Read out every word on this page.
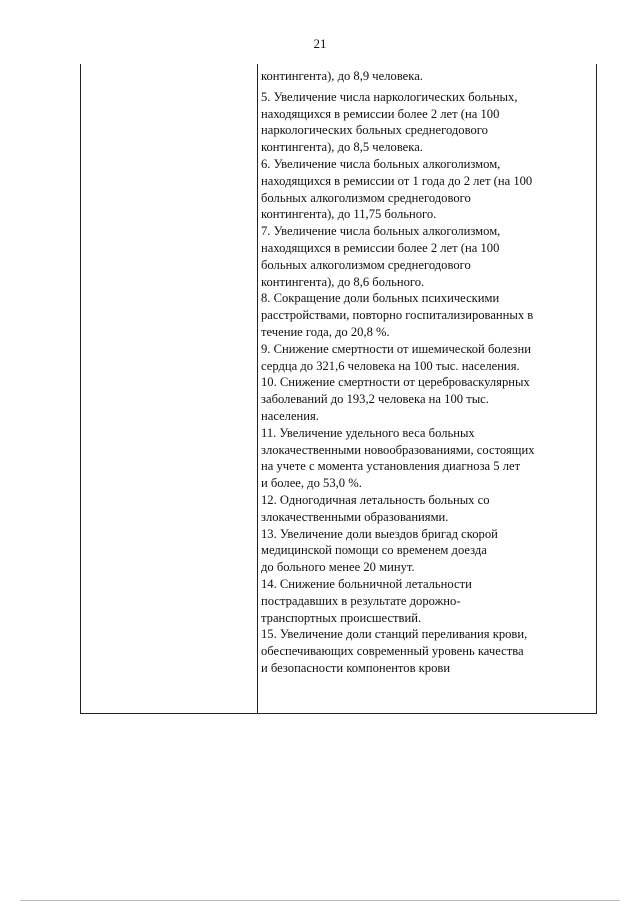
21
контингента), до 8,9 человека.
5. Увеличение числа наркологических больных,
находящихся в ремиссии более 2 лет (на 100
наркологических больных среднегодового
контингента), до 8,5 человека.
6. Увеличение числа больных алкоголизмом,
находящихся в ремиссии от 1 года до 2 лет (на 100
больных алкоголизмом среднегодового
контингента), до 11,75 больного.
7. Увеличение числа больных алкоголизмом,
находящихся в ремиссии более 2 лет (на 100
больных алкоголизмом среднегодового
контингента), до 8,6 больного.
8. Сокращение доли больных психическими
расстройствами, повторно госпитализированных в
течение года, до 20,8 %.
9. Снижение смертности от ишемической болезни
сердца до 321,6 человека на 100 тыс. населения.
10. Снижение смертности от цереброваскулярных
заболеваний до 193,2 человека на 100 тыс.
населения.
11. Увеличение удельного веса больных
злокачественными новообразованиями, состоящих
на учете с момента установления диагноза 5 лет
и более, до 53,0 %.
12. Одногодичная летальность больных со
злокачественными образованиями.
13. Увеличение доли выездов бригад скорой
медицинской помощи со временем доезда
до больного менее 20 минут.
14. Снижение больничной летальности
пострадавших в результате дорожно-
транспортных происшествий.
15. Увеличение доли станций переливания крови,
обеспечивающих современный уровень качества
и безопасности компонентов крови
